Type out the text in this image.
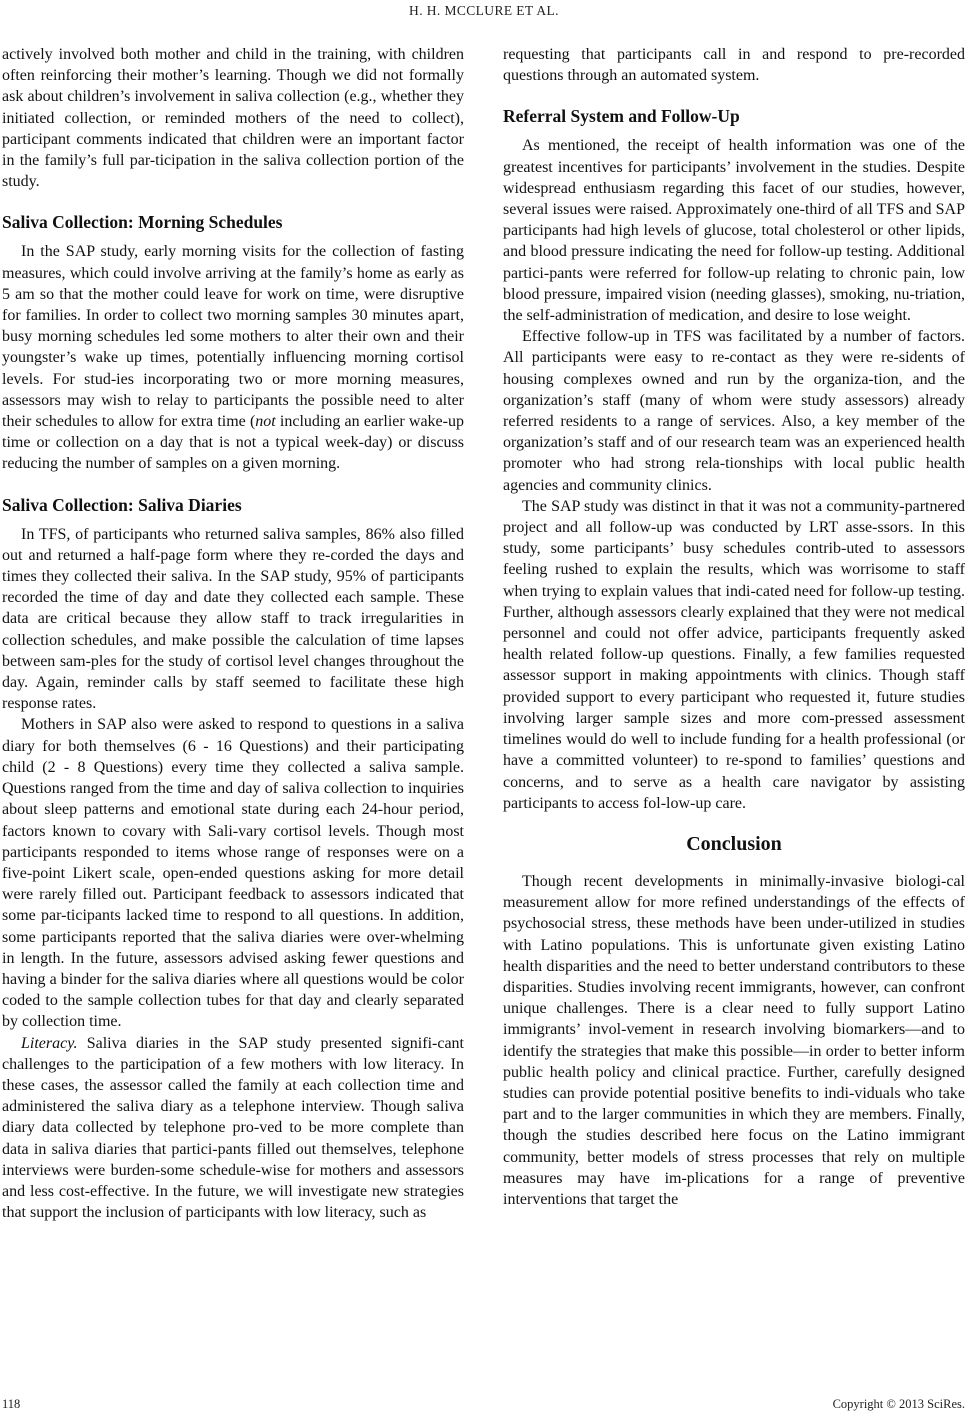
H. H. MCCLURE ET AL.

actively involved both mother and child in the training, with children often reinforcing their mother’s learning. Though we did not formally ask about children’s involvement in saliva collection (e.g., whether they initiated collection, or reminded mothers of the need to collect), participant comments indicated that children were an important factor in the family’s full par-ticipation in the saliva collection portion of the study.

Saliva Collection: Morning Schedules

In the SAP study, early morning visits for the collection of fasting measures, which could involve arriving at the family’s home as early as 5 am so that the mother could leave for work on time, were disruptive for families. In order to collect two morning samples 30 minutes apart, busy morning schedules led some mothers to alter their own and their youngster’s wake up times, potentially influencing morning cortisol levels. For stud-ies incorporating two or more morning measures, assessors may wish to relay to participants the possible need to alter their schedules to allow for extra time (not including an earlier wake-up time or collection on a day that is not a typical week-day) or discuss reducing the number of samples on a given morning.

Saliva Collection: Saliva Diaries

In TFS, of participants who returned saliva samples, 86% also filled out and returned a half-page form where they re-corded the days and times they collected their saliva. In the SAP study, 95% of participants recorded the time of day and date they collected each sample. These data are critical because they allow staff to track irregularities in collection schedules, and make possible the calculation of time lapses between sam-ples for the study of cortisol level changes throughout the day. Again, reminder calls by staff seemed to facilitate these high response rates.

Mothers in SAP also were asked to respond to questions in a saliva diary for both themselves (6 - 16 Questions) and their participating child (2 - 8 Questions) every time they collected a saliva sample. Questions ranged from the time and day of saliva collection to inquiries about sleep patterns and emotional state during each 24-hour period, factors known to covary with Sali-vary cortisol levels. Though most participants responded to items whose range of responses were on a five-point Likert scale, open-ended questions asking for more detail were rarely filled out. Participant feedback to assessors indicated that some par-ticipants lacked time to respond to all questions. In addition, some participants reported that the saliva diaries were over-whelming in length. In the future, assessors advised asking fewer questions and having a binder for the saliva diaries where all questions would be color coded to the sample collection tubes for that day and clearly separated by collection time.

Literacy. Saliva diaries in the SAP study presented signifi-cant challenges to the participation of a few mothers with low literacy. In these cases, the assessor called the family at each collection time and administered the saliva diary as a telephone interview. Though saliva diary data collected by telephone pro-ved to be more complete than data in saliva diaries that partici-pants filled out themselves, telephone interviews were burden-some schedule-wise for mothers and assessors and less cost-effective. In the future, we will investigate new strategies that support the inclusion of participants with low literacy, such as

requesting that participants call in and respond to pre-recorded questions through an automated system.

Referral System and Follow-Up

As mentioned, the receipt of health information was one of the greatest incentives for participants’ involvement in the studies. Despite widespread enthusiasm regarding this facet of our studies, however, several issues were raised. Approximately one-third of all TFS and SAP participants had high levels of glucose, total cholesterol or other lipids, and blood pressure indicating the need for follow-up testing. Additional partici-pants were referred for follow-up relating to chronic pain, low blood pressure, impaired vision (needing glasses), smoking, nu-triation, the self-administration of medication, and desire to lose weight.

Effective follow-up in TFS was facilitated by a number of factors. All participants were easy to re-contact as they were re-sidents of housing complexes owned and run by the organiza-tion, and the organization’s staff (many of whom were study assessors) already referred residents to a range of services. Also, a key member of the organization’s staff and of our research team was an experienced health promoter who had strong rela-tionships with local public health agencies and community clinics.

The SAP study was distinct in that it was not a community-partnered project and all follow-up was conducted by LRT asse-ssors. In this study, some participants’ busy schedules contrib-uted to assessors feeling rushed to explain the results, which was worrisome to staff when trying to explain values that indi-cated need for follow-up testing. Further, although assessors clearly explained that they were not medical personnel and could not offer advice, participants frequently asked health related follow-up questions. Finally, a few families requested assessor support in making appointments with clinics. Though staff provided support to every participant who requested it, future studies involving larger sample sizes and more com-pressed assessment timelines would do well to include funding for a health professional (or have a committed volunteer) to re-spond to families’ questions and concerns, and to serve as a health care navigator by assisting participants to access fol-low-up care.

Conclusion

Though recent developments in minimally-invasive biologi-cal measurement allow for more refined understandings of the effects of psychosocial stress, these methods have been under-utilized in studies with Latino populations. This is unfortunate given existing Latino health disparities and the need to better understand contributors to these disparities. Studies involving recent immigrants, however, can confront unique challenges. There is a clear need to fully support Latino immigrants’ invol-vement in research involving biomarkers—and to identify the strategies that make this possible—in order to better inform public health policy and clinical practice. Further, carefully designed studies can provide potential positive benefits to indi-viduals who take part and to the larger communities in which they are members. Finally, though the studies described here focus on the Latino immigrant community, better models of stress processes that rely on multiple measures may have im-plications for a range of preventive interventions that target the

118	Copyright © 2013 SciRes.
